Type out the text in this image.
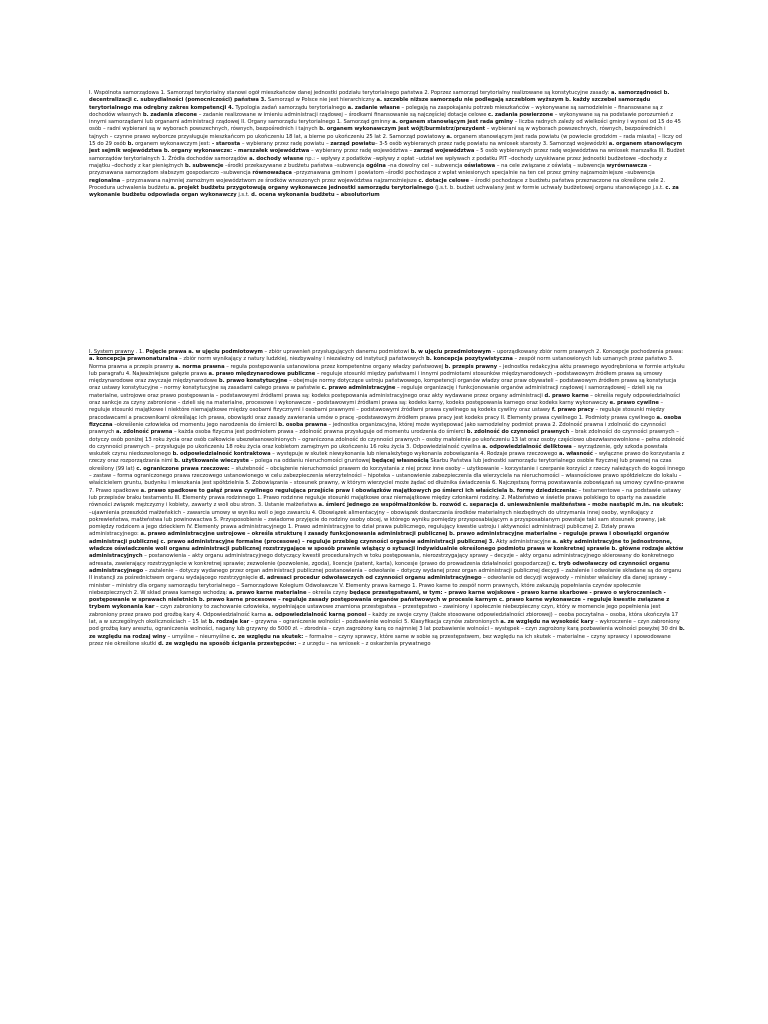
I. Wspólnota samorządowa 1. Samorząd terytorialny stanowi ogół mieszkańców danej jednostki podziału terytorialnego państwa 2. Poprzez samorząd terytorialny realizowane są konstytucyjne zasady: a. samorządności b. decentralizacji c. subsydialności (pomocniczości) państwa 3. Samorząd w Polsce nie jest hierarchiczny a. szczeble niższe samorządu nie podlegają szczeblom wyższym b. każdy szczebel samorządu terytorialnego ma odrębny zakres kompetencji 4. Typologia zadań samorządu terytorialnego a. zadanie własne – polegają na zaspokajaniu potrzeb mieszkańców – wykonywane są samodzielnie – finansowane są z dochodów własnych b. zadania zlecone – zadanie realizowane w imieniu administracji rządowej – środkami finansowanie są najczęściej dotacje celowe c. zadania powierzone – wykonywane są na podstawie porozumień z innymi samorządami lub organami administracji rządowej II. Organy samorządu terytorialnego 1. Samorząd gminny a. organem stanowiącym jest rada gminy – liczba radnych zależy od wielkości gminy i wynosi od 15 do 45 osób – radni wybierani są w wyborach powszechnych, równych, bezpośrednich i tajnych b. organem wykonawczym jest wójt/burmistrz/prezydent – wybierani są w wyborach powszechnych, równych, bezpośrednich i tajnych – czynne prawo wyborcze przysługuje mieszkańcom po ukończeniu 18 lat, a bierne po ukończeniu 25 lat 2. Samorząd powiatowy a. organem stanowiącym jest rada powiatu (w powiecie grodzkim – rada miasta) – liczy od 15 do 29 osób b. organem wykonawczym jest: - starosta – wybierany przez radę powiatu – zarząd powiatu– 3-5 osób wybieranych przez radę powiatu na wniosek starosty 3. Samorząd wojewódzki a. organem stanowiącym jest sejmik województwa b. organy wykonawcze: - marszałek województwa – wybierany przez radę województwa – zarząd województwa – 5 osób wybieranych przez radę województwa na wniosek marszałka III. Budżet samorządów terytorialnych 1. Źródła dochodów samorządów a. dochody własne np.: – wpływy z podatków –wpływy z opłat –udział we wpływach z podatku PIT –dochody uzyskiwane przez jednostki budżetowe –dochody z majątku –dochody z kar pieniężnych b. subwencje –środki przekazywane z budżetu państwa –subwencja ogólna –na dowolny cel – subwencja oświatowa – na cele związane z oświatą – subwencja wyrównawcza –przyznawana samorządom słabszym gospodarczo –subwencja równoważąca –przyznawana gminom i powiatom –środki pochodzące z wpłat wniesionych specjalnie na ten cel przez gminy najzamożniejsze –subwencja regionalna – przyznawana najmniej zamożnym województwom ze środków wnoszonych przez województwa najzamożniejsze c. dotacje celowe – środki pochodzące z budżetu państwa przeznaczone na określone cele 2. Procedura uchwalenia budżetu a. projekt budżetu przygotowują organy wykonawcze jednostki samorządu terytorialnego (j.s.t. b. budżet uchwalany jest w formie uchwały budżetowej organu stanowiącego j.s.t. c. za wykonanie budżetu odpowiada organ wykonawczy j.s.t. d. ocena wykonania budżetu – absolutorium
I. System prawny . 1. Pojęcie prawa a. w ujęciu podmiotowym – zbiór uprawnień przysługujących danemu podmiotowi b. w ujęciu przedmiotowym – uporządkowany zbiór norm prawnych 2. Koncepcje pochodzenia prawa: a. koncepcja prawnonaturalna – zbiór norm wynikający z natury ludzkiej, niezbywalny i niezależny od instytucji państwowych b. koncepcja pozytywistyczna – zespół norm ustanowionych lub uznanych przez państwo 3. Norma prawna a przepis prawny a. norma prawna – reguła postępowania ustanowiona przez kompetentne organy władzy państwowej b. przepis prawny – jednostka redakcyjna aktu prawnego wyodrębniona w formie artykułu lub paragrafu 4. Najważniejsze gałęzie prawa a. prawo międzynarodowe publiczne – reguluje stosunki między państwami i innymi podmiotami stosunków międzynarodowych –podstawowym źródłem prawa są umowy międzynarodowe oraz zwyczaje międzynarodowe b. prawo konstytucyjne – obejmuje normy dotyczące ustroju państwowego, kompetencji organów władzy oraz praw obywateli – podstawowym źródłem prawa są konstytucja oraz ustawy konstytucyjne – normy konstytucyjne są zasadami całego prawa w państwie c. prawo administracyjne – reguluje organizację i funkcjonowanie organów administracji rządowej i samorządowej – dzieli się na materialne, ustrojowe oraz prawo postępowania – podstawowymi źródłami prawa są: kodeks postępowania administracyjnego oraz akty wydawane przez organy administracji d. prawo karne – określa reguły odpowiedzialności oraz sankcje za czyny zabronione – dzieli się na materialne, procesowe i wykonawcze – podstawowymi źródłami prawa są: kodeks karny, kodeks postępowania karnego oraz kodeks karny wykonawczy e. prawo cywilne – reguluje stosunki majątkowe i niektóre niemajątkowe między osobami fizycznymi i osobami prawnymi – podstawowymi źródłami prawa cywilnego są kodeks cywilny oraz ustawy f. prawo pracy – reguluje stosunki między pracodawcami a pracownikami określając ich prawa, obowiązki oraz zasady zawierania umów o pracę –podstawowym źródłem prawa pracy jest kodeks pracy II. Elementy prawa cywilnego 1. Podmioty prawa cywilnego a. osoba fizyczna –określenie człowieka od momentu jego narodzenia do śmierci b. osoba prawna – jednostka organizacyjna, której może występować jako samodzielny podmiot prawa 2. Zdolność prawna i zdolność do czynności prawnych a. zdolność prawna – każda osoba fizyczna jest podmiotem prawa – zdolność prawna przysługuje od momentu urodzenia do śmierci b. zdolność do czynności prawnych – brak zdolności do czynności prawnych – dotyczy osób poniżej 13 roku życia oraz osób całkowicie ubezwłasnowolnionych – ograniczona zdolność do czynności prawnych – osoby małoletnie po ukończeniu 13 lat oraz osoby częściowo ubezwłasnowolnione – pełna zdolność do czynności prawnych – przysługuje po ukończeniu 18 roku życia oraz kobietom zamężnym po ukończeniu 16 roku życia 3. Odpowiedzialność cywilna a. odpowiedzialność deliktowa – wyrządzenie, gdy szkoda powstała wskutek czynu niedozwolonego b. odpowiedzialność kontraktowa – występuje w skutek niewykonania lub nienależytego wykonania zobowiązania 4. Rodzaje prawa rzeczowego a. własność – wyłączne prawo do korzystania z rzeczy oraz rozporządzania nimi b. użytkowanie wieczyste – polega na oddaniu nieruchomości gruntowej będącej własnością Skarbu Państwa lub jednostki samorządu terytorialnego osobie fizycznej lub prawnej na czas określony (99 lat) c. ograniczone prawa rzeczowe: – służebność – obciążenie nieruchomości prawem do korzystania z niej przez inne osoby – użytkowanie – korzystanie i czerpanie korzyści z rzeczy należących do kogoś innego – zastaw – forma ograniczonego prawa rzeczowego ustanowionego w celu zabezpieczenia wierzytelności – hipoteka – ustanowienie zabezpieczenia dla wierzyciela na nieruchomości – własnościowe prawo spółdzielcze do lokalu – właścicielem gruntu, budynku i mieszkania jest spółdzielnia 5. Zobowiązania – stosunek prawny, w którym wierzyciel może żądać od dłużnika świadczenia 6. Najczęstszą formą powstawania zobowiązań są umowy cywilno-prawne 7. Prawo spadkowe a. prawo spadkowe to gałąź prawa cywilnego regulująca przejście praw i obowiązków majątkowych po śmierci ich właściciela b. formy dziedziczenia: – testamentowe – na podstawie ustawy lub przepisów braku testamentu III. Elementy prawa rodzinnego 1. Prawo rodzinne reguluje stosunki majątkowe oraz niemajątkowe między członkami rodziny. 2. Małżeństwo w świetle prawa polskiego to oparty na zasadzie równości związek mężczyzny i kobiety, zawarty z woli obu stron. 3. Ustanie małżeństwa a. śmierć jednego ze współmałżonków b. rozwód c. separacja d. unieważnienie małżeństwa – może nastąpić m.in. na skutek: –ujawnienia przeszkód małżeńskich – zawarcia umowy w wyniku woli o jego zawarciu 4. Obowiązek alimentacyjny – obowiązek dostarczania środków materialnych niezbędnych do utrzymania innej osoby, wynikający z pokrewieństwa, małżeństwa lub powinowactwa 5. Przysposobienie – zwiadome przyjęcie do rodziny osoby obcej, w którego wyniku pomiędzy przysposabiającym a przysposabianym powstaje taki sam stosunek prawny, jak pomiędzy rodzicem a jego dzieckiem IV. Elementy prawa administracyjnego 1. Prawo administracyjne to dział prawa publicznego, regulujący kwestie ustroju i aktywności administracji publicznej 2. Działy prawa administracyjnego: a. prawo administracyjne ustrojowe – określa strukturę i zasady funkcjonowania administracji publicznej b. prawo administracyjne materialne – reguluje prawa i obowiązki organów administracji publicznej c. prawo administracyjne formalne (procesowe) – reguluje przebieg czynności organów administracji publicznej 3. Akty administracyjne a. akty administracyjne to jednostronne, władcze oświadczenie woli organu administracji publicznej rozstrzygające w sposób prawnie wiążący o sytuacji indywidualnie określonego podmiotu prawa w konkretnej sprawie b. główne rodzaje aktów administracyjnych – postanowienia – akty organu administracyjnego dotyczący kwestii proceduralnych w toku postępowania, nierozstrzygający sprawy – decyzje – akty organu administracyjnego skierowany do konkretnego adresata, zawierający rozstrzygnięcie w konkretnej sprawie; zezwolenie (pozwolenie, zgoda), licencje (patent, karta), koncesje (prawo do prowadzenia działalności gospodarczej) c. tryb odwoławczy od czynności organu administracyjnego – zażalenie – dotyczy wydanego przez organ administracji publicznej postanowienia – odwołanie – dotyczy wydanej przez organ administracji publicznej decyzji – zażalenie i odwołanie składane są do organu II instancji za pośrednictwem organu wydającego rozstrzygnięcie d. adresaci procedur odwoławczych od czynności organu administracyjnego – odwołanie od decyzji wojewody – minister właściwy dla danej sprawy – minister – ministry dla organy samorządu terytorialnego – Samorządowe Kolegium Odwoławcze V. Elementy prawa karnego 1. Prawo karne to zespół norm prawnych, które zakazują popełniania czynów społecznie niebezpiecznych 2. W skład prawa karnego wchodzą: a. prawo karne materialne – określa czyny będące przestępstwami, w tym: - prawo karne wojskowe - prawo karne skarbowe - prawo o wykroczeniach - postępowanie w sprawach nieletnich b. prawo karne procesowe – reguluje zasady postępowania organów państwowych w procesie karnym c. prawo karne wykonawcze – reguluje kwestie związane z trybem wykonania kar – czyn zabroniony to zachowanie człowieka, wypełniające ustawowe znamiona przestępstwa – przestępstwo – zawiniony i społecznie niebezpieczny czyn, który w momencie jego popełnienia jest zabroniony przez prawo pod groźbą kary 4. Odpowiedzialność karna a. odpowiedzialność karną ponosi – każdy ze swoje czyny (także stosowane odpowiedzialności zbiorowej) – osoba poczytalna – osoba, która ukończyła 17 lat, a w szczególnych okolicznościach – 15 lat b. rodzaje kar – grzywna – ograniczenie wolności – pozbawienie wolności 5. Klasyfikacja czynów zabronionych a. ze względu na wysokość kary – wykroczenie – czyn zabroniony pod groźbą kary aresztu, ograniczenia wolności, nagany lub grzywny do 5000 zł. – zbrodnia – czyn zagrożony karą co najmniej 3 lat pozbawienie wolności – występek – czyn zagrożony karą pozbawienia wolności powyżej 30 dni b. ze względu na rodzaj winy – umyślne – nieumyślne c. ze względu na skutek: – formalne – czyny sprawcy, które same w sobie są przestępstwem, bez względu na ich skutek – materialne – czyny sprawcy i spowodowane przez nie określone skutki d. ze względu na sposób ścigania przestępców: – z urzędu – na wniosek – z oskarżenia prywatnego
